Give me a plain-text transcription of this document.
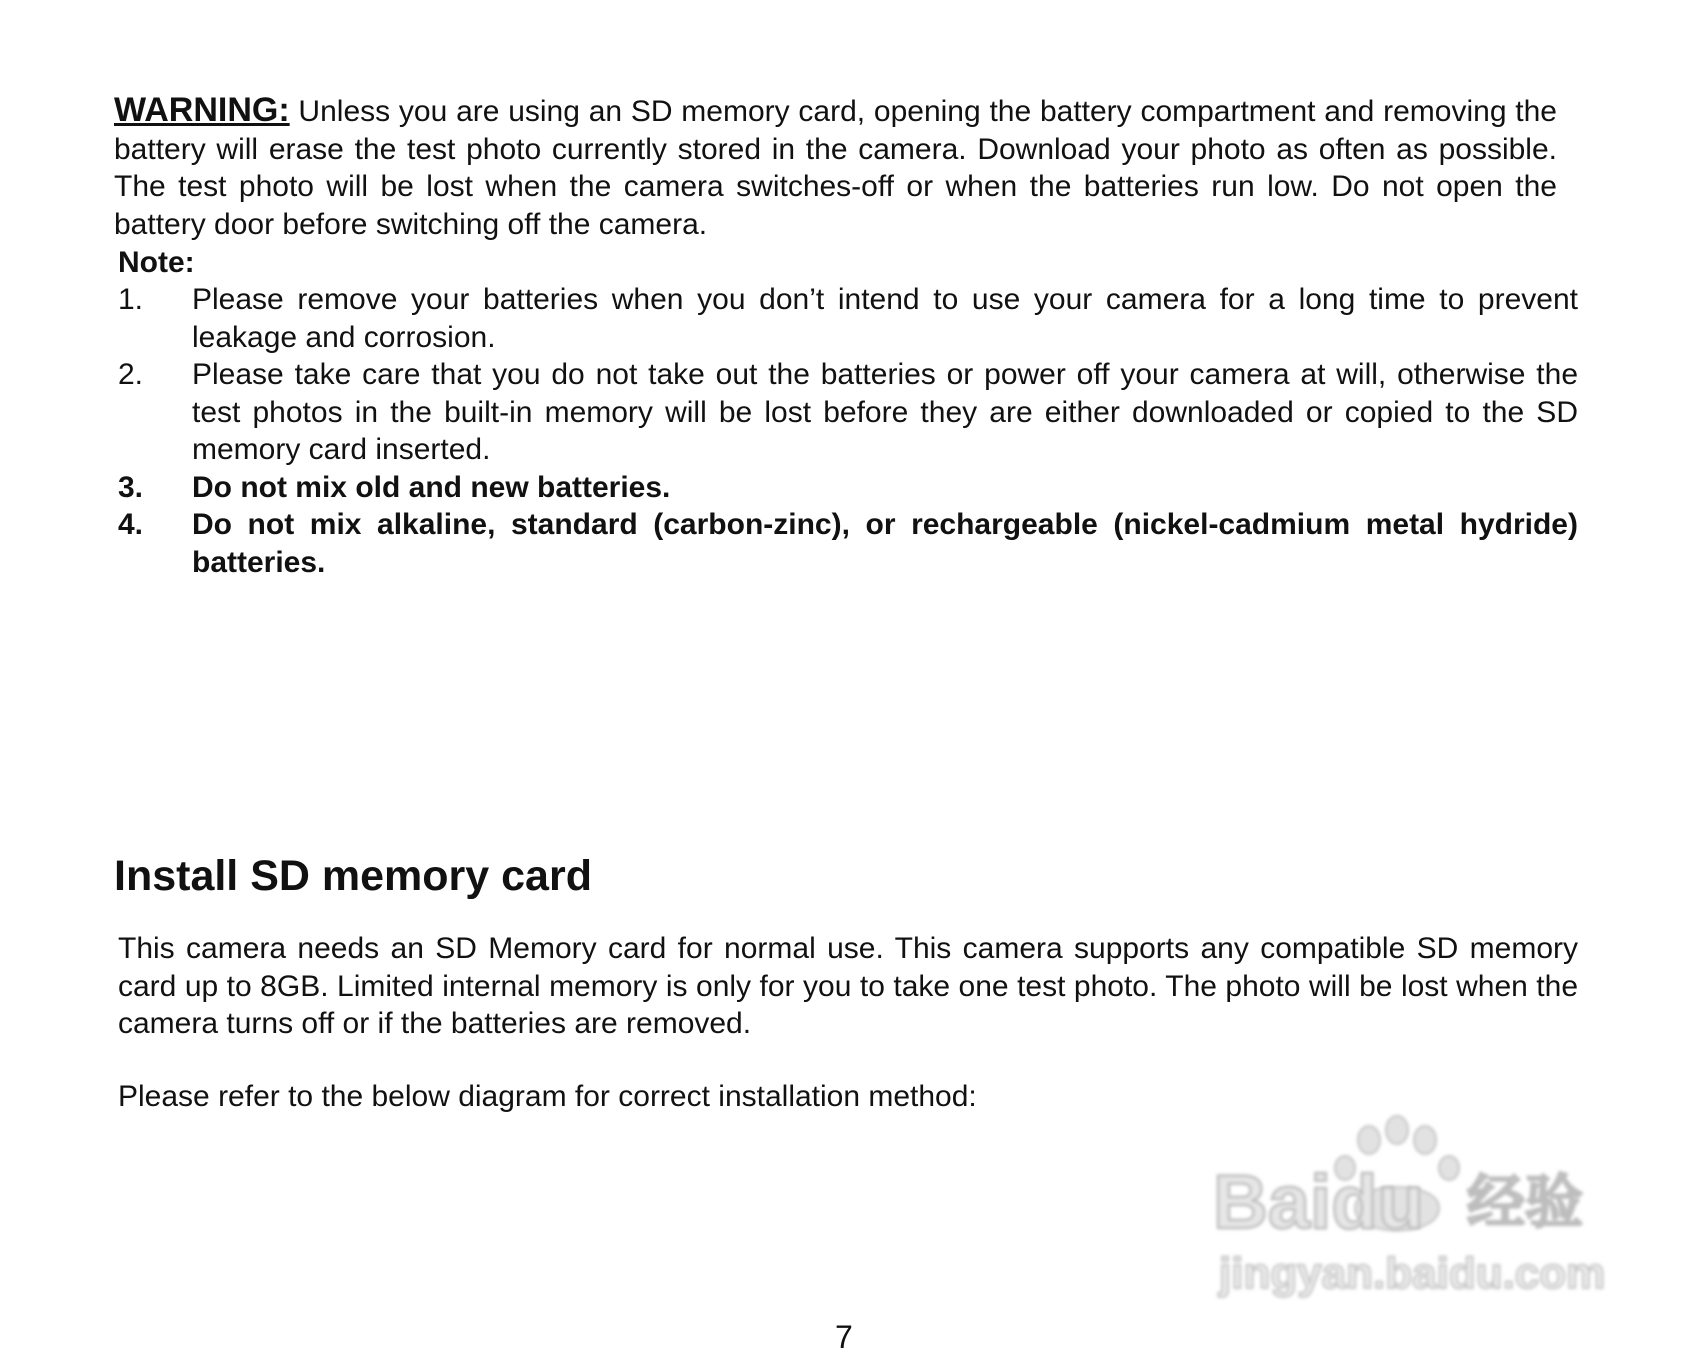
WARNING: Unless you are using an SD memory card, opening the battery compartment and removing the battery will erase the test photo currently stored in the camera. Download your photo as often as possible. The test photo will be lost when the camera switches-off or when the batteries run low. Do not open the battery door before switching off the camera.

Note:
1.	Please remove your batteries when you don’t intend to use your camera for a long time to prevent leakage and corrosion.
2.	Please take care that you do not take out the batteries or power off your camera at will, otherwise the test photos in the built-in memory will be lost before they are either downloaded or copied to the SD memory card inserted.
3.	Do not mix old and new batteries.
4.	Do not mix alkaline, standard (carbon-zinc), or rechargeable (nickel-cadmium metal hydride) batteries.
Install SD memory card

This camera needs an SD Memory card for normal use. This camera supports any compatible SD memory card up to 8GB. Limited internal memory is only for you to take one test photo. The photo will be lost when the camera turns off or if the batteries are removed.

Please refer to the below diagram for correct installation method:

Baidu 经验
jingyan.baidu.com
7
